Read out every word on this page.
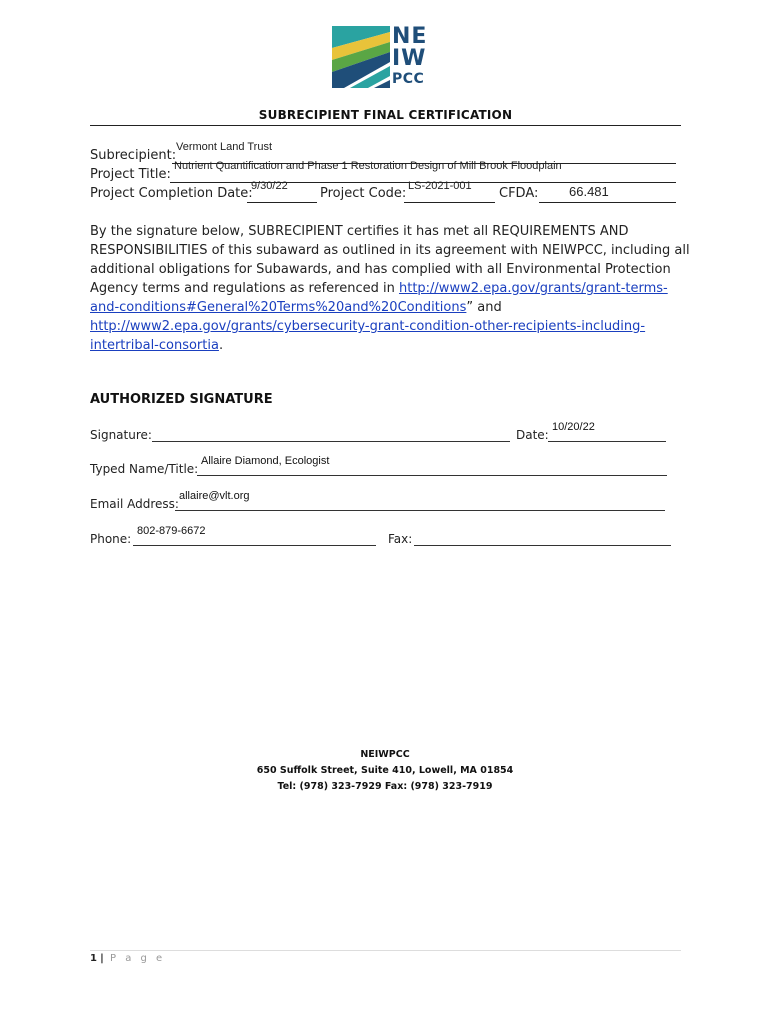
NE
IW
PCC
SUBRECIPIENT FINAL CERTIFICATION
Subrecipient:
Vermont Land Trust
Project Title:
Nutrient Quantification and Phase 1 Restoration Design of Mill Brook Floodplain
Project Completion Date:
9/30/22 Project Code: LS-2021-001 CFDA: 66.481
By the signature below, SUBRECIPIENT certifies it has met all REQUIREMENTS AND RESPONSIBILITIES of this subaward as outlined in its agreement with NEIWPCC, including all additional obligations for Subawards, and has complied with all Environmental Protection Agency terms and regulations as referenced in http://www2.epa.gov/grants/grant-terms-and-conditions#General%20Terms%20and%20Conditions” and http://www2.epa.gov/grants/cybersecurity-grant-condition-other-recipients-including-intertribal-consortia.
AUTHORIZED SIGNATURE
Signature:	Date:
10/20/22
Typed Name/Title:
Allaire Diamond, Ecologist
Email Address:
allaire@vlt.org
Phone:
802-879-6672
Fax:
NEIWPCC
650 Suffolk Street, Suite 410, Lowell, MA 01854
Tel: (978) 323-7929 Fax: (978) 323-7919
1 | P a g e
